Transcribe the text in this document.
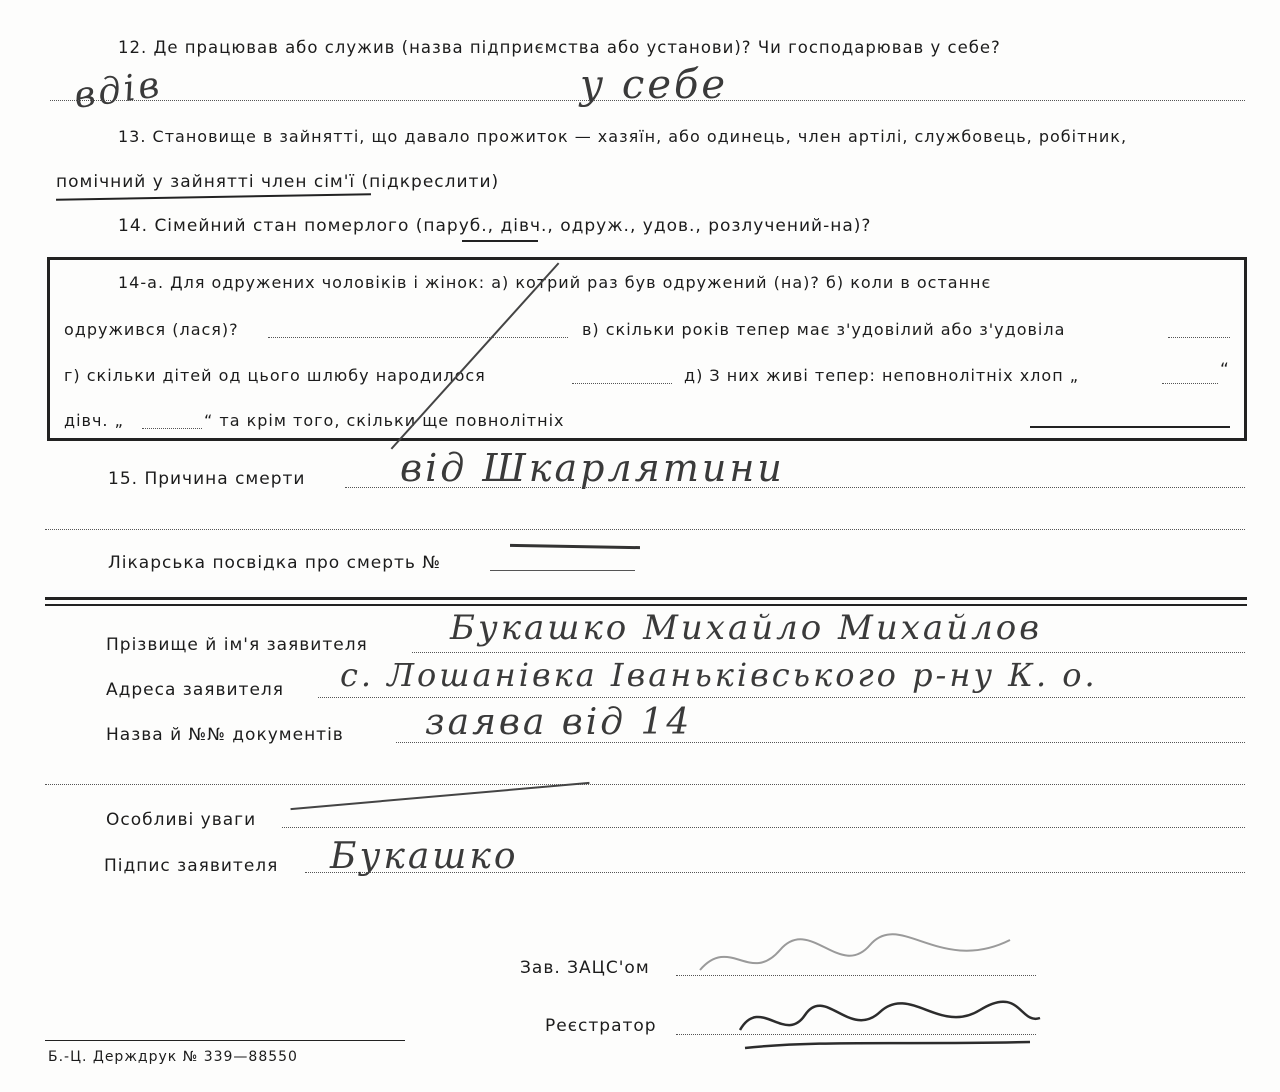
12. Де працював або служив (назва підприємства або установи)? Чи господарював у себе?
вдів	у себе
13. Становище в зайнятті, що давало прожиток — хазяїн, або одинець, член артілі, службовець, робітник,
помічний у зайнятті член сім'ї (підкреслити)
14. Сімейний стан померлого (паруб., дівч., одруж., удов., розлучений-на)?
14-а. Для одружених чоловіків і жінок: а) котрий раз був одружений (на)? б) коли в останнє
одружився (лася)?	в) скільки років тепер має з'удовілий або з'удовіла
г) скільки дітей од цього шлюбу народилося	д) З них живі тепер: неповнолітніх хлоп „	“
дівч. „	“ та крім того, скільки ще повнолітніх
15. Причина смерти від Шкарлятини
Лікарська посвідка про смерть №
Прізвище й ім'я заявителя Букашко Михайло Михайлов
Адреса заявителя с. Лошанівка Іваньківського р-ну К. о.
Назва й №№ документів заява від 14
Особливі уваги
Підпис заявителя Букашко
Зав. ЗАЦС'ом
Реєстратор
Б.-Ц. Держдрук № 339—88550
